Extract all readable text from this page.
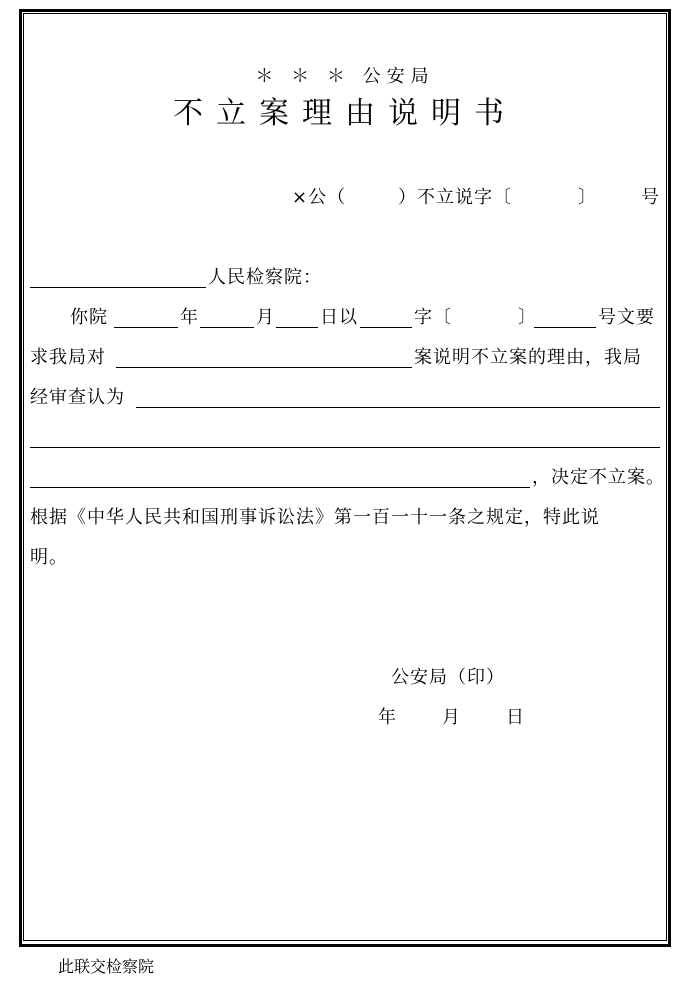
＊ ＊ ＊ 公安局
不立案理由说明书
×公（	）不立说字〔	〕 号
人民检察院：
你院	年	月	日以	字〔	〕	号文要
求我局对	案说明不立案的理由，我局
经审查认为
，决定不立案。
根据《中华人民共和国刑事诉讼法》第一百一十一条之规定，特此说
明。
公安局（印）
年	月	日
此联交检察院
